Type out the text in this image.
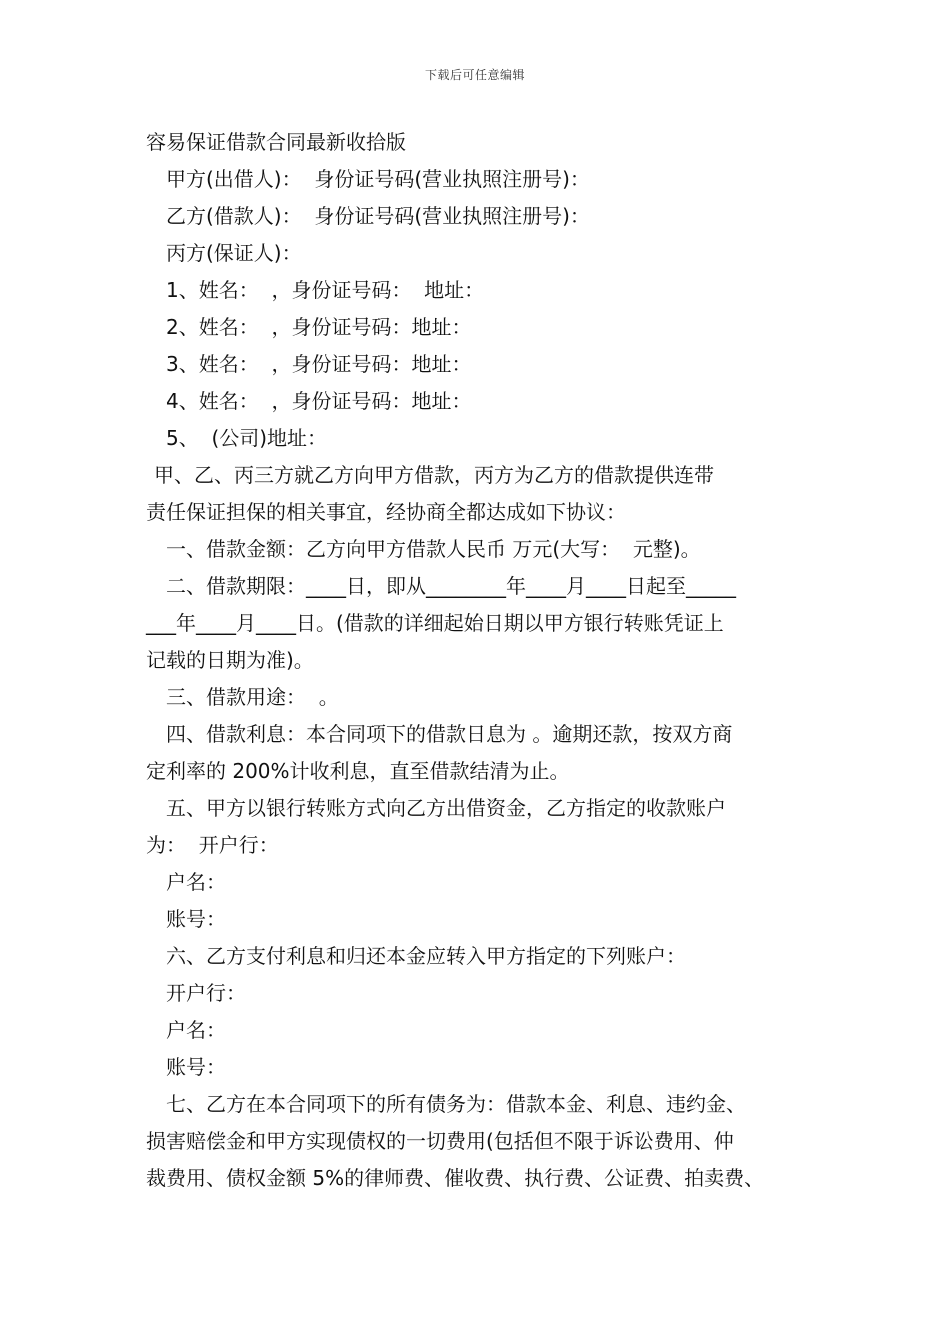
下载后可任意编辑
容易保证借款合同最新收拾版
甲方(出借人)：  身份证号码(营业执照注册号)：
乙方(借款人)：  身份证号码(营业执照注册号)：
丙方(保证人)：
1、姓名：  ，身份证号码：  地址：
2、姓名：  ，身份证号码：地址：
3、姓名：  ，身份证号码：地址：
4、姓名：  ，身份证号码：地址：
5、  (公司)地址：
甲、乙、丙三方就乙方向甲方借款，丙方为乙方的借款提供连带
责任保证担保的相关事宜，经协商全都达成如下协议：
一、借款金额：乙方向甲方借款人民币 万元(大写：  元整)。
二、借款期限：____日，即从________年____月____日起至_____
___年____月____日。(借款的详细起始日期以甲方银行转账凭证上
记载的日期为准)。
三、借款用途：  。
四、借款利息：本合同项下的借款日息为 。逾期还款，按双方商
定利率的 200%计收利息，直至借款结清为止。
五、甲方以银行转账方式向乙方出借资金，乙方指定的收款账户
为：  开户行：
户名：
账号：
六、乙方支付利息和归还本金应转入甲方指定的下列账户：
开户行：
户名：
账号：
七、乙方在本合同项下的所有债务为：借款本金、利息、违约金、
损害赔偿金和甲方实现债权的一切费用(包括但不限于诉讼费用、仲
裁费用、债权金额 5%的律师费、催收费、执行费、公证费、拍卖费、
